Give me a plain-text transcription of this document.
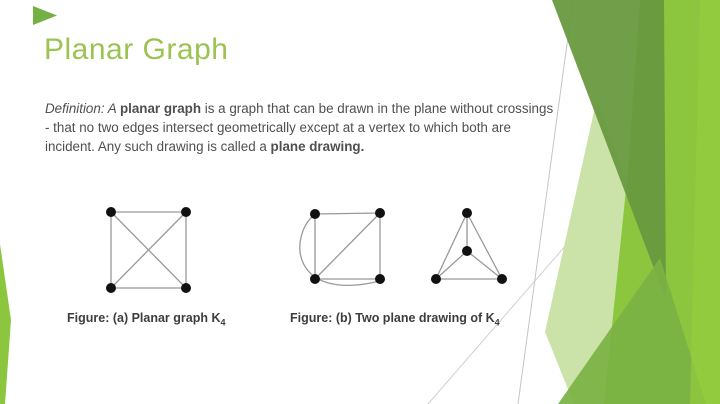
Planar Graph

Definition: A planar graph is a graph that can be drawn in the plane without crossings - that no two edges intersect geometrically except at a vertex to which both are incident. Any such drawing is called a plane drawing.

Figure: (a) Planar graph $K_4$	Figure: (b) Two plane drawing of $K_4$
